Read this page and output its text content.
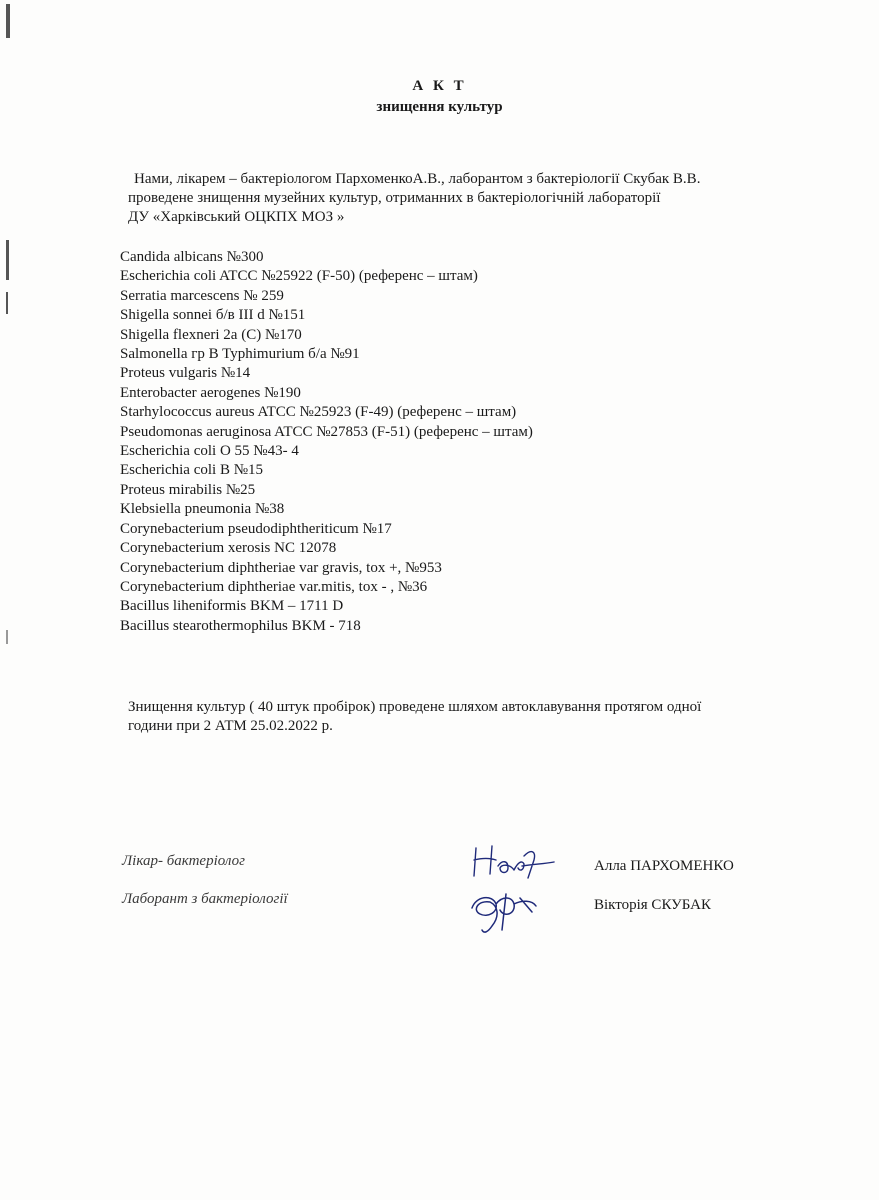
А К Т
знищення культур
Нами, лікарем – бактеріологом ПархоменкоА.В., лаборантом з бактеріології Скубак В.В.
проведене знищення музейних культур, отриманних в бактеріологічній лабораторії
ДУ «Харківський ОЦКПХ МОЗ »
Candida albicans №300
Escherichia coli ATCC №25922 (F-50) (референс – штам)
Serratia marcescens № 259
Shigella sonnei б/в III d №151
Shigella flexneri 2a (C) №170
Salmonella гр B Typhimurium б/а №91
Proteus vulgaris №14
Enterobacter aerogenes №190
Starhylococcus aureus ATCC №25923 (F-49) (референс – штам)
Pseudomonas aeruginosa ATCC №27853 (F-51) (референс – штам)
Escherichia coli O 55 №43- 4
Escherichia coli B №15
Proteus mirabilis №25
Klebsiella pneumonia №38
Corynebacterium pseudodiphtheriticum №17
Corynebacterium xerosis NC 12078
Corynebacterium diphtheriae var gravis, tox +, №953
Corynebacterium diphtheriae var.mitis, tox - , №36
Bacillus liheniformis BKM – 1711 D
Bacillus stearothermophilus BKM - 718
Знищення культур ( 40 штук пробірок) проведене шляхом автоклавування протягом одної
години при 2 АТМ 25.02.2022 р.
Лікар- бактеріолог
Лаборант з бактеріології
Алла ПАРХОМЕНКО
Вікторія СКУБАК
